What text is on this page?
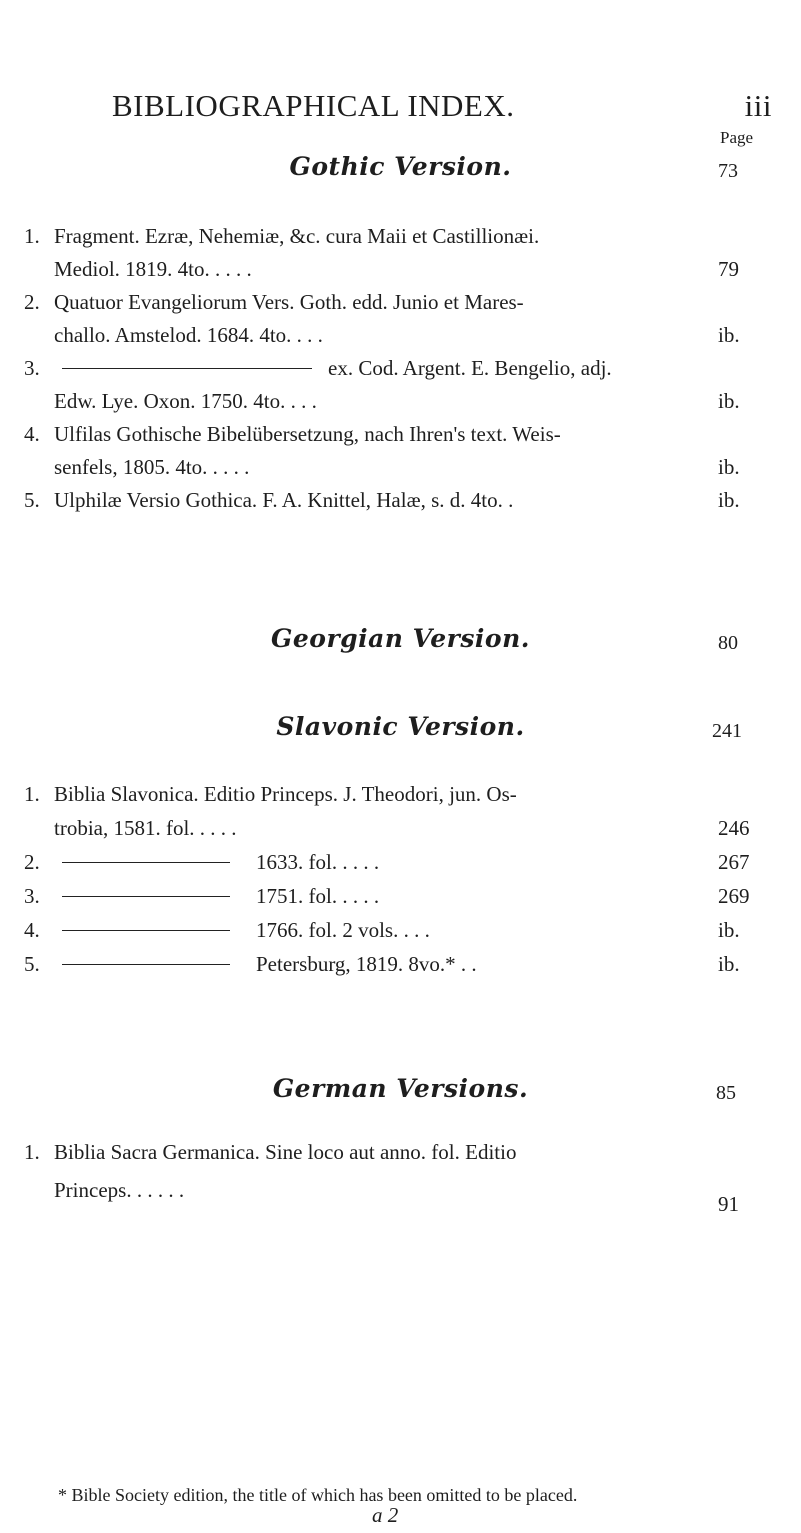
BIBLIOGRAPHICAL INDEX.	iii
Page
Gothic Version.	73
1. Fragment. Ezræ, Nehemiæ, &c. cura Maii et Castillionæi.
Mediol. 1819. 4to. . . . .	79
2. Quatuor Evangeliorum Vers. Goth. edd. Junio et Mares-
challo. Amstelod. 1684. 4to. . . .	ib.
3.	ex. Cod. Argent. E. Bengelio, adj.
Edw. Lye. Oxon. 1750. 4to. . . .	ib.
4. Ulfilas Gothische Bibelübersetzung, nach Ihren's text. Weis-
senfels, 1805. 4to. . . . .	ib.
5. Ulphilæ Versio Gothica. F. A. Knittel, Halæ, s. d. 4to. .	ib.
Georgian Version.	80
Slavonic Version.	241
1. Biblia Slavonica. Editio Princeps. J. Theodori, jun. Os-
trobia, 1581. fol. . . . .	246
2.	1633. fol. . . . .	267
3.	1751. fol. . . . .	269
4.	1766. fol. 2 vols. . . .	ib.
5.	Petersburg, 1819. 8vo.* . .	ib.
German Versions.	85
1. Biblia Sacra Germanica. Sine loco aut anno. fol. Editio
Princeps. . . . . .
91
* Bible Society edition, the title of which has been omitted to be placed.
a 2
